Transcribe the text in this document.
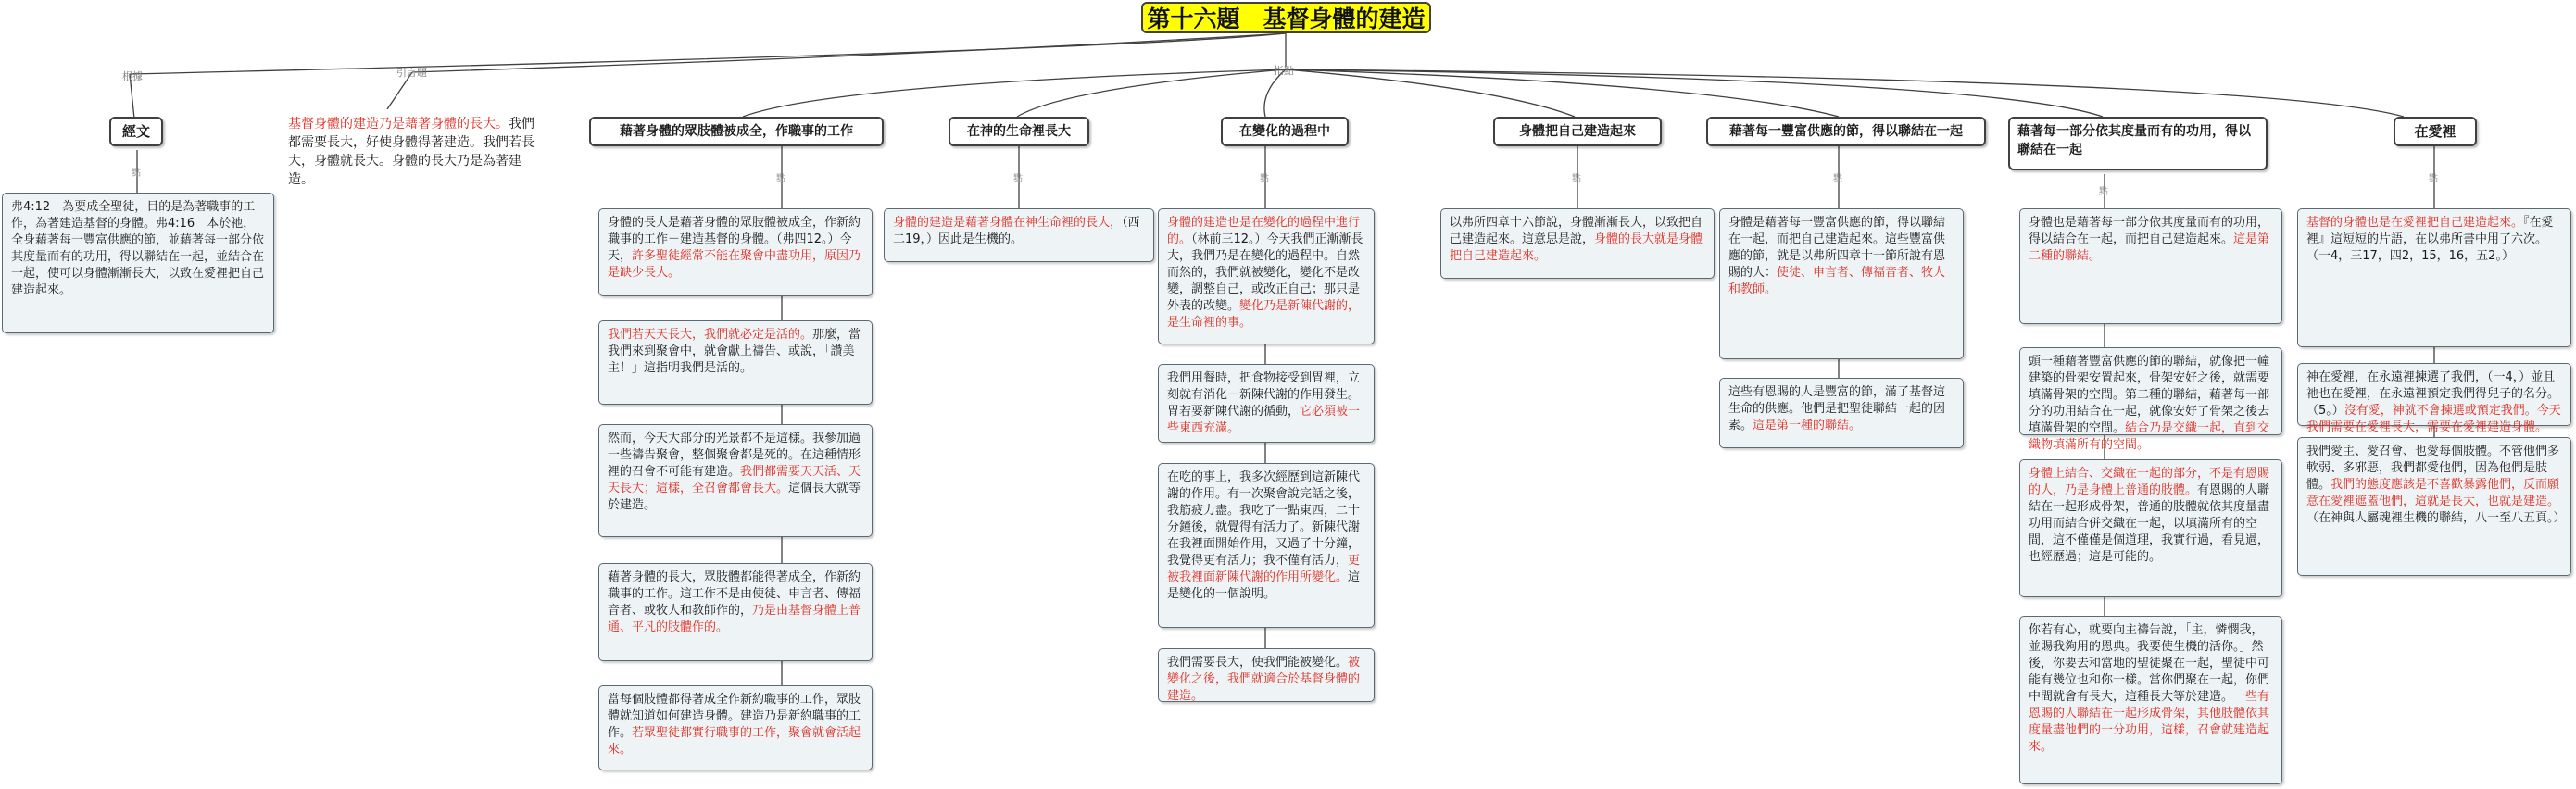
第十六題　基督身體的建造
根據	引言題	指點
經文	藉著身體的眾肢體被成全，作職事的工作	在神的生命裡長大	在變化的過程中	身體把自己建造起來	藉著每一豐富供應的節，得以聯結在一起	藉著每一部分依其度量而有的功用，得以聯結在一起
在愛裡
點
點	點	點	點	點
點
點
弗4:12　為要成全聖徒，目的是為著職事的工作，為著建造基督的身體。弗4:16　本於祂，全身藉著每一豐富供應的節，並藉著每一部分依其度量而有的功用，得以聯結在一起，並結合在一起，使可以身體漸漸長大，以致在愛裡把自己建造起來。
基督身體的建造乃是藉著身體的長大。我們都需要長大，好使身體得著建造。我們若長大，身體就長大。身體的長大乃是為著建造。
身體的長大是藉著身體的眾肢體被成全，作新約職事的工作－建造基督的身體。（弗四12。）今天，許多聖徒經常不能在聚會中盡功用，原因乃是缺少長大。
我們若天天長大，我們就必定是活的。那麼，當我們來到聚會中，就會獻上禱告、或說，「讚美主！」這指明我們是活的。
然而，今天大部分的光景都不是這樣。我參加過一些禱告聚會，整個聚會都是死的。在這種情形裡的召會不可能有建造。我們都需要天天活、天天長大；這樣，全召會都會長大。這個長大就等於建造。
藉著身體的長大，眾肢體都能得著成全，作新約職事的工作。這工作不是由使徒、申言者、傳福音者、或牧人和教師作的，乃是由基督身體上普通、平凡的肢體作的。
當每個肢體都得著成全作新約職事的工作，眾肢體就知道如何建造身體。建造乃是新約職事的工作。若眾聖徒都實行職事的工作，聚會就會活起來。
身體的建造是藉著身體在神生命裡的長大，（西二19，）因此是生機的。
身體的建造也是在變化的過程中進行的。（林前三12。）今天我們正漸漸長大，我們乃是在變化的過程中。自然而然的，我們就被變化，變化不是改變，調整自己，或改正自己；那只是外表的改變。變化乃是新陳代謝的，是生命裡的事。
我們用餐時，把食物接受到胃裡，立刻就有消化－新陳代謝的作用發生。胃若要新陳代謝的循動，它必須被一些東西充滿。
在吃的事上，我多次經歷到這新陳代謝的作用。有一次聚會說完話之後，我筋疲力盡。我吃了一點東西，二十分鐘後，就覺得有活力了。新陳代謝在我裡面開始作用，又過了十分鐘，我覺得更有活力；我不僅有活力，更被我裡面新陳代謝的作用所變化。這是變化的一個說明。
我們需要長大，使我們能被變化。被變化之後，我們就適合於基督身體的建造。
以弗所四章十六節說，身體漸漸長大，以致把自己建造起來。這意思是說，身體的長大就是身體把自己建造起來。
身體是藉著每一豐富供應的節，得以聯結在一起，而把自己建造起來。這些豐富供應的節，就是以弗所四章十一節所說有恩賜的人：使徒、申言者、傳福音者、牧人和教師。
這些有恩賜的人是豐富的節，滿了基督這生命的供應。他們是把聖徒聯結一起的因素。這是第一種的聯結。
身體也是藉著每一部分依其度量而有的功用，得以結合在一起，而把自己建造起來。這是第二種的聯結。
頭一種藉著豐富供應的節的聯結，就像把一幢建築的骨架安置起來，骨架安好之後，就需要填滿骨架的空間。第二種的聯結，藉著每一部分的功用結合在一起，就像安好了骨架之後去填滿骨架的空間。結合乃是交織一起，直到交織物填滿所有的空間。
身體上結合、交織在一起的部分，不是有恩賜的人，乃是身體上普通的肢體。有恩賜的人聯結在一起形成骨架，普通的肢體就依其度量盡功用而結合併交織在一起，以填滿所有的空間，這不僅僅是個道理，我實行過，看見過，也經歷過；這是可能的。
你若有心，就要向主禱告說，「主，憐憫我，並賜我夠用的恩典。我要使生機的活你。」然後，你要去和當地的聖徒聚在一起，聖徒中可能有幾位也和你一樣。當你們聚在一起，你們中間就會有長大，這種長大等於建造。一些有恩賜的人聯結在一起形成骨架，其他肢體依其度量盡他們的一分功用，這樣，召會就建造起來。
基督的身體也是在愛裡把自己建造起來。『在愛裡』這短短的片語，在以弗所書中用了六次。（一4，三17，四2，15，16，五2。）
神在愛裡，在永遠裡揀選了我們，（一4，）並且祂也在愛裡，在永遠裡預定我們得兒子的名分。（5。）沒有愛，神就不會揀選或預定我們。今天我們需要在愛裡長大，需要在愛裡建造身體。
我們愛主、愛召會、也愛每個肢體。不管他們多軟弱、多邪惡，我們都愛他們，因為他們是肢體。我們的態度應該是不喜歡暴露他們，反而願意在愛裡遮蓋他們，這就是長大，也就是建造。（在神與人屬魂裡生機的聯結，八一至八五頁。）
